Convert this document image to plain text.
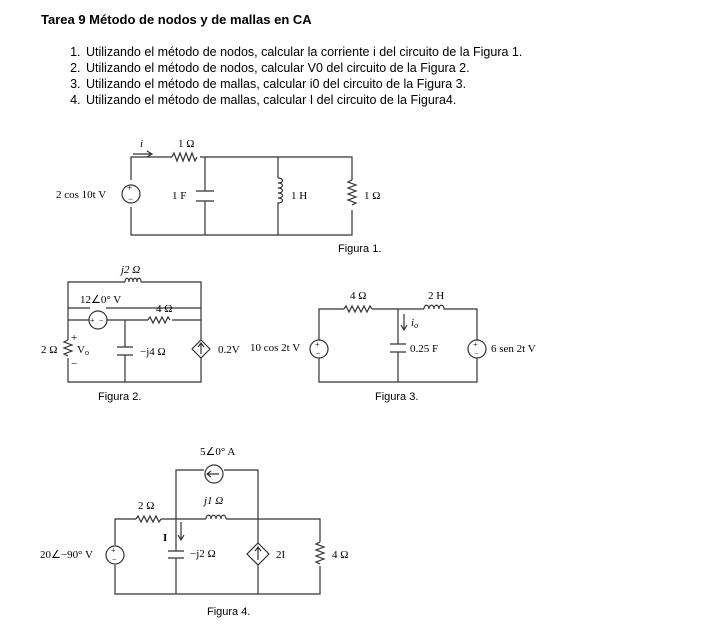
Tarea 9 Método de nodos y de mallas en CA
1. Utilizando el método de nodos, calcular la corriente i del circuito de la Figura 1.
2. Utilizando el método de nodos, calcular V0 del circuito de la Figura 2.
3. Utilizando el método de mallas, calcular i0 del circuito de la Figura 3.
4. Utilizando el método de mallas, calcular I del circuito de la Figura4.
+
−
2 cos 10t V
i	1 Ω
1 F	1 H	1 Ω
Figura 1.
+ −
j2 Ω
12∠0° V
4 Ω
2 Ω
+
Vo
−
−j4 Ω	0.2V
Figura 2.
+
−
+
−
4 Ω	2 H
io
10 cos 2t V	0.25 F	6 sen 2t V
Figura 3.
+
−
5∠0° A
2 Ω	j1 Ω
I
20∠−90° V	−j2 Ω	2I	4 Ω
Figura 4.
